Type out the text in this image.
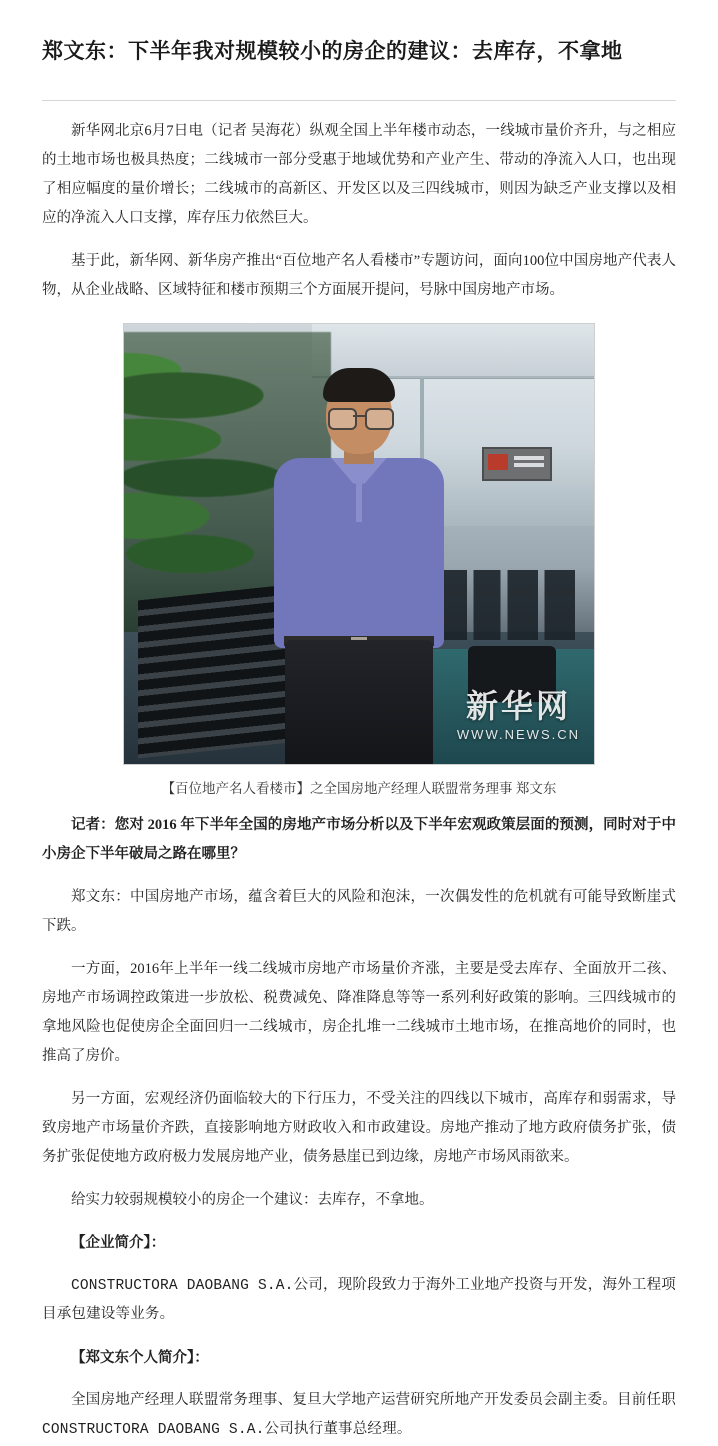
郑文东：下半年我对规模较小的房企的建议：去库存，不拿地

新华网北京6月7日电（记者 吴海花）纵观全国上半年楼市动态，一线城市量价齐升，与之相应的土地市场也极具热度；二线城市一部分受惠于地域优势和产业产生、带动的净流入人口，也出现了相应幅度的量价增长；二线城市的高新区、开发区以及三四线城市，则因为缺乏产业支撑以及相应的净流入人口支撑，库存压力依然巨大。

基于此，新华网、新华房产推出“百位地产名人看楼市”专题访问，面向100位中国房地产代表人物，从企业战略、区域特征和楼市预期三个方面展开提问，号脉中国房地产市场。

新华网
WWW.NEWS.CN
【百位地产名人看楼市】之全国房地产经理人联盟常务理事 郑文东

记者：您对 2016 年下半年全国的房地产市场分析以及下半年宏观政策层面的预测，同时对于中小房企下半年破局之路在哪里？

郑文东：中国房地产市场，蕴含着巨大的风险和泡沫，一次偶发性的危机就有可能导致断崖式下跌。

一方面，2016年上半年一线二线城市房地产市场量价齐涨，主要是受去库存、全面放开二孩、房地产市场调控政策进一步放松、税费减免、降准降息等等一系列利好政策的影响。三四线城市的拿地风险也促使房企全面回归一二线城市，房企扎堆一二线城市土地市场，在推高地价的同时，也推高了房价。

另一方面，宏观经济仍面临较大的下行压力，不受关注的四线以下城市，高库存和弱需求，导致房地产市场量价齐跌，直接影响地方财政收入和市政建设。房地产推动了地方政府债务扩张，债务扩张促使地方政府极力发展房地产业，债务悬崖已到边缘，房地产市场风雨欲来。

给实力较弱规模较小的房企一个建议：去库存，不拿地。

【企业简介】：

CONSTRUCTORA DAOBANG S.A.公司，现阶段致力于海外工业地产投资与开发，海外工程项目承包建设等业务。

【郑文东个人简介】：

全国房地产经理人联盟常务理事、复旦大学地产运营研究所地产开发委员会副主委。目前任职CONSTRUCTORA DAOBANG S.A.公司执行董事总经理。
